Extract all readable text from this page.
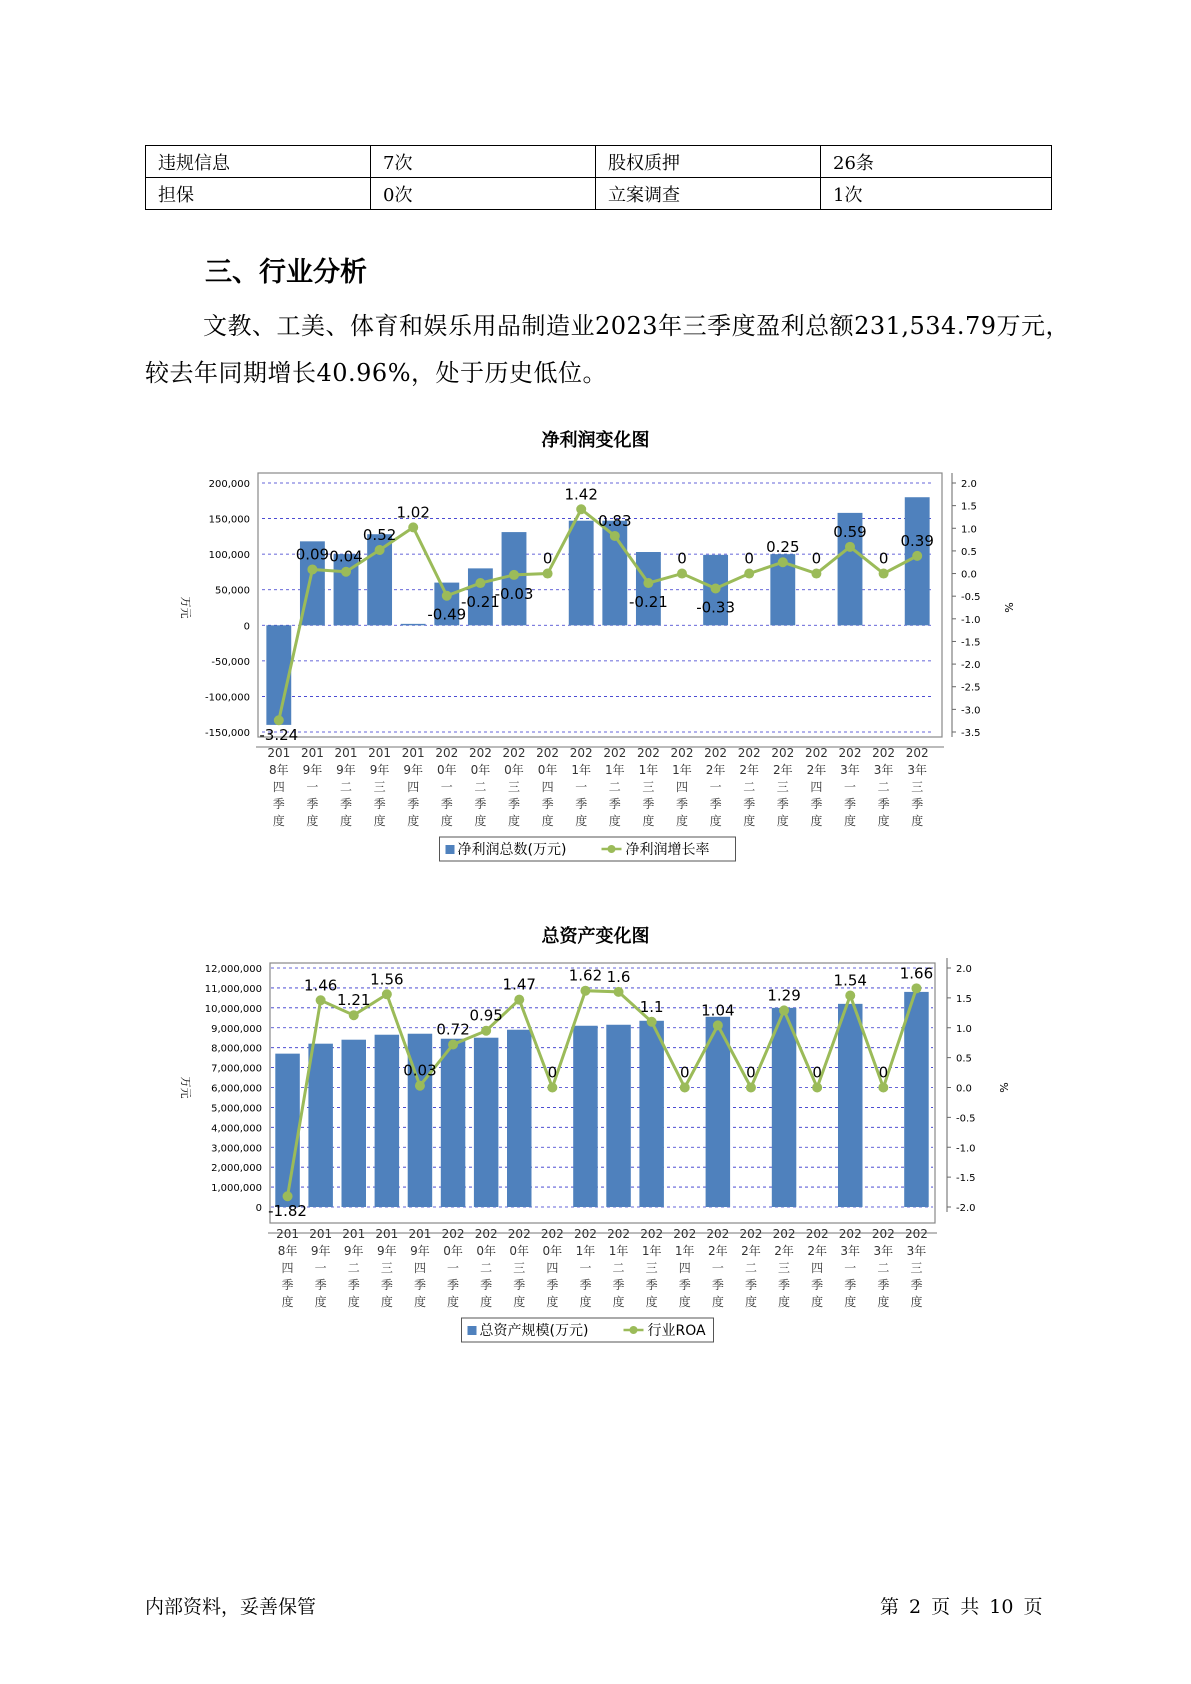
违规信息	7次	股权质押	26条
担保	0次	立案调查	1次
三、行业分析
文教、工美、体育和娱乐用品制造业2023年三季度盈利总额231,534.79万元，较去年同期增长40.96%，处于历史低位。
净利润变化图
200,000
150,000
100,000
50,000
0
-50,000
-100,000
-150,000
万元
2.0
1.5
1.0
0.5
0.0
-0.5
-1.0
-1.5
-2.0
-2.5
-3.0
-3.5
%
201 8年四季度
201 9年一季度
201 9年二季度
201 9年三季度
201 9年四季度
202 0年一季度
202 0年二季度
202 0年三季度
202 0年四季度
202 1年一季度
202 1年二季度
202 1年三季度
202 1年四季度
202 2年一季度
202 2年二季度
202 2年三季度
202 2年四季度
202 3年一季度
202 3年二季度
202 3年三季度
-3.24
0.09 0.04
0.52
1.02
-0.49
-0.21
-0.03
0
1.42
0.83
-0.21
0
-0.33
0
0.25
0
0.59
0
0.39
净利润总数(万元)	净利润增长率
总资产变化图
12,000,000
11,000,000
10,000,000
9,000,000
8,000,000
7,000,000
6,000,000
5,000,000
4,000,000
3,000,000
2,000,000
1,000,000
0
万元
2.0
1.5
1.0
0.5
0.0
-0.5
-1.0
-1.5
-2.0
%
201 8年四季度
201 9年一季度
201 9年二季度
201 9年三季度
201 9年四季度
202 0年一季度
202 0年二季度
202 0年三季度
202 0年四季度
202 1年一季度
202 1年二季度
202 1年三季度
202 1年四季度
202 2年一季度
202 2年二季度
202 2年三季度
202 2年四季度
202 3年一季度
202 3年二季度
202 3年三季度
-1.82
1.46
1.21
1.56
0.03
0.72
0.95
1.47
0
1.62 1.6
1.1
0
1.04
0
1.29
0
1.54
0
1.66
总资产规模(万元)	行业ROA
内部资料，妥善保管	第 2 页 共 10 页
